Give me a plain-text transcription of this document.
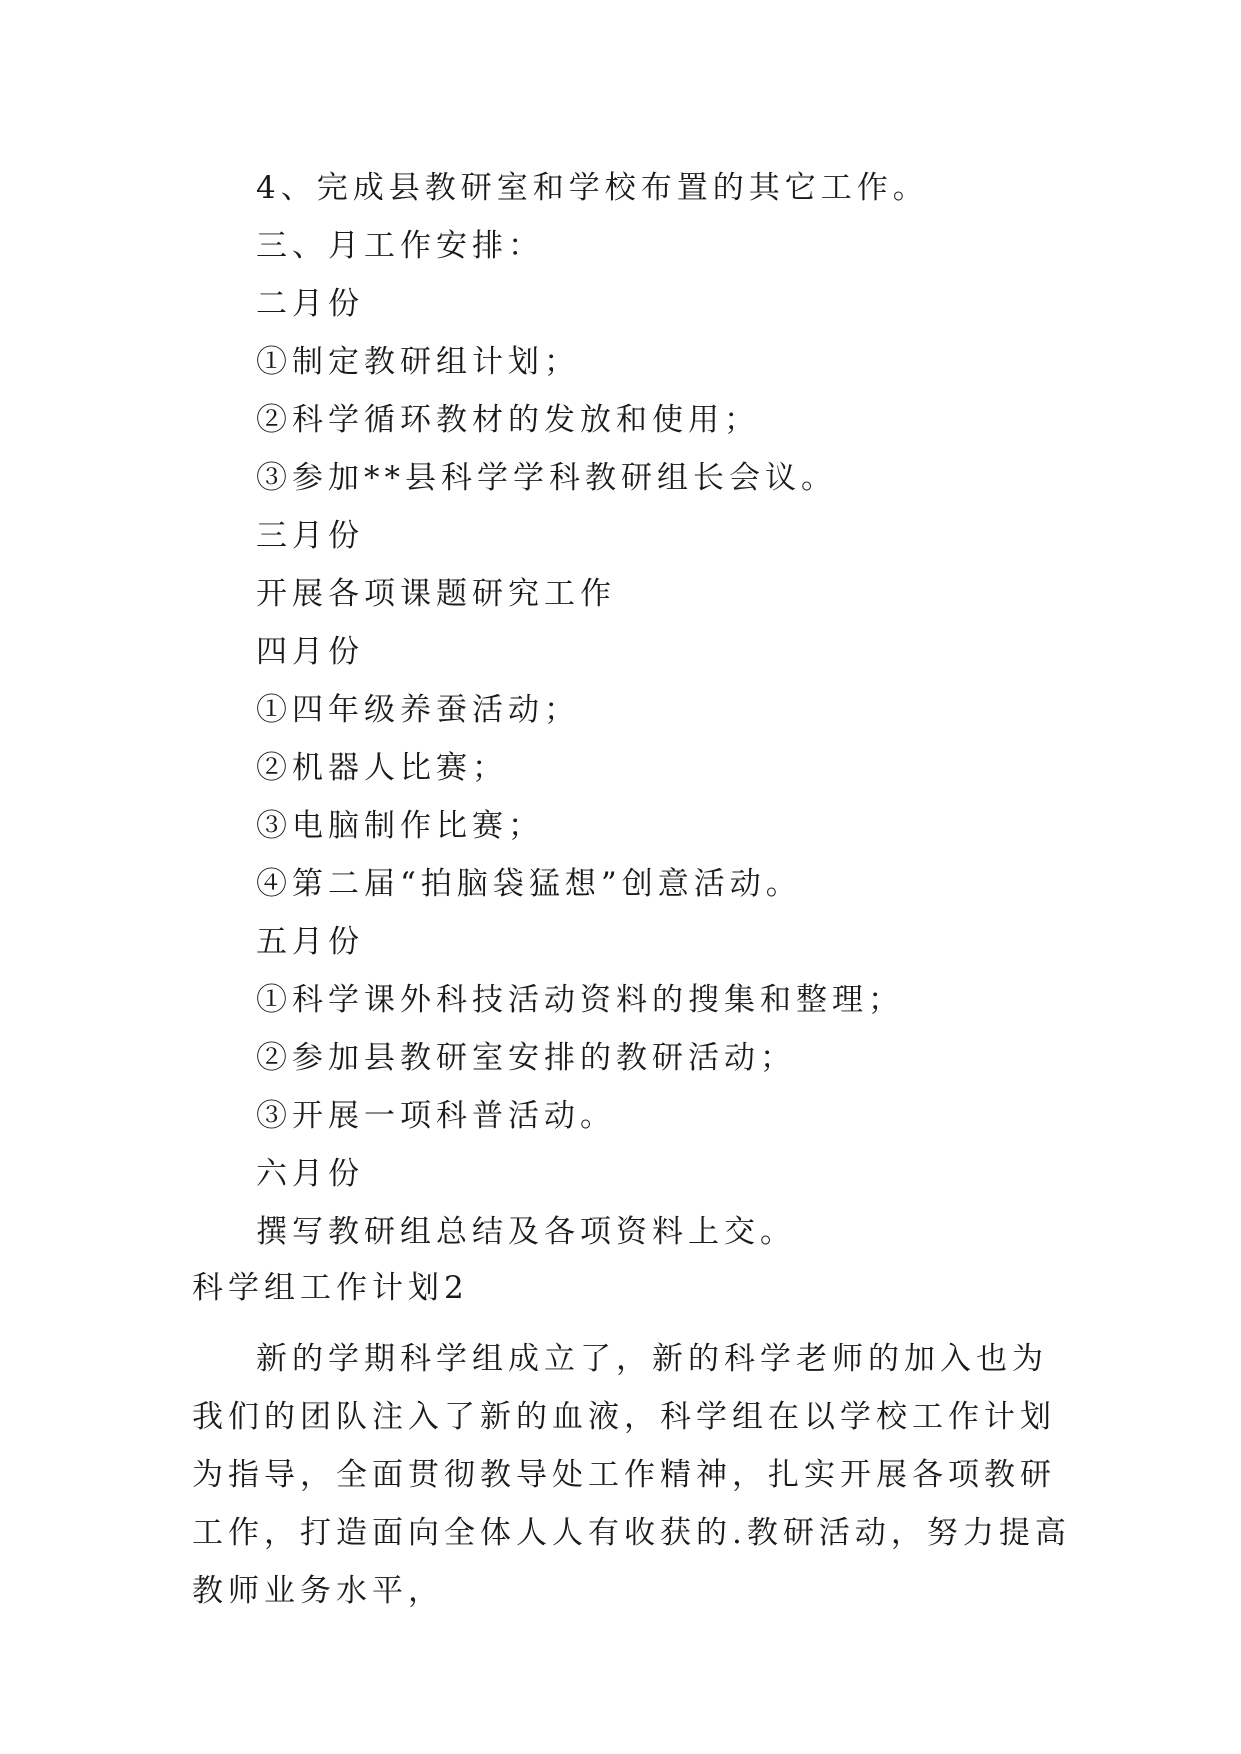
4、完成县教研室和学校布置的其它工作。
三、月工作安排：
二月份
①制定教研组计划；
②科学循环教材的发放和使用；
③参加**县科学学科教研组长会议。
三月份
开展各项课题研究工作
四月份
①四年级养蚕活动；
②机器人比赛；
③电脑制作比赛；
④第二届“拍脑袋猛想”创意活动。
五月份
①科学课外科技活动资料的搜集和整理；
②参加县教研室安排的教研活动；
③开展一项科普活动。
六月份
撰写教研组总结及各项资料上交。
科学组工作计划2
新的学期科学组成立了，新的科学老师的加入也为我们的团队注入了新的血液，科学组在以学校工作计划为指导，全面贯彻教导处工作精神，扎实开展各项教研工作，打造面向全体人人有收获的.教研活动，努力提高教师业务水平，
